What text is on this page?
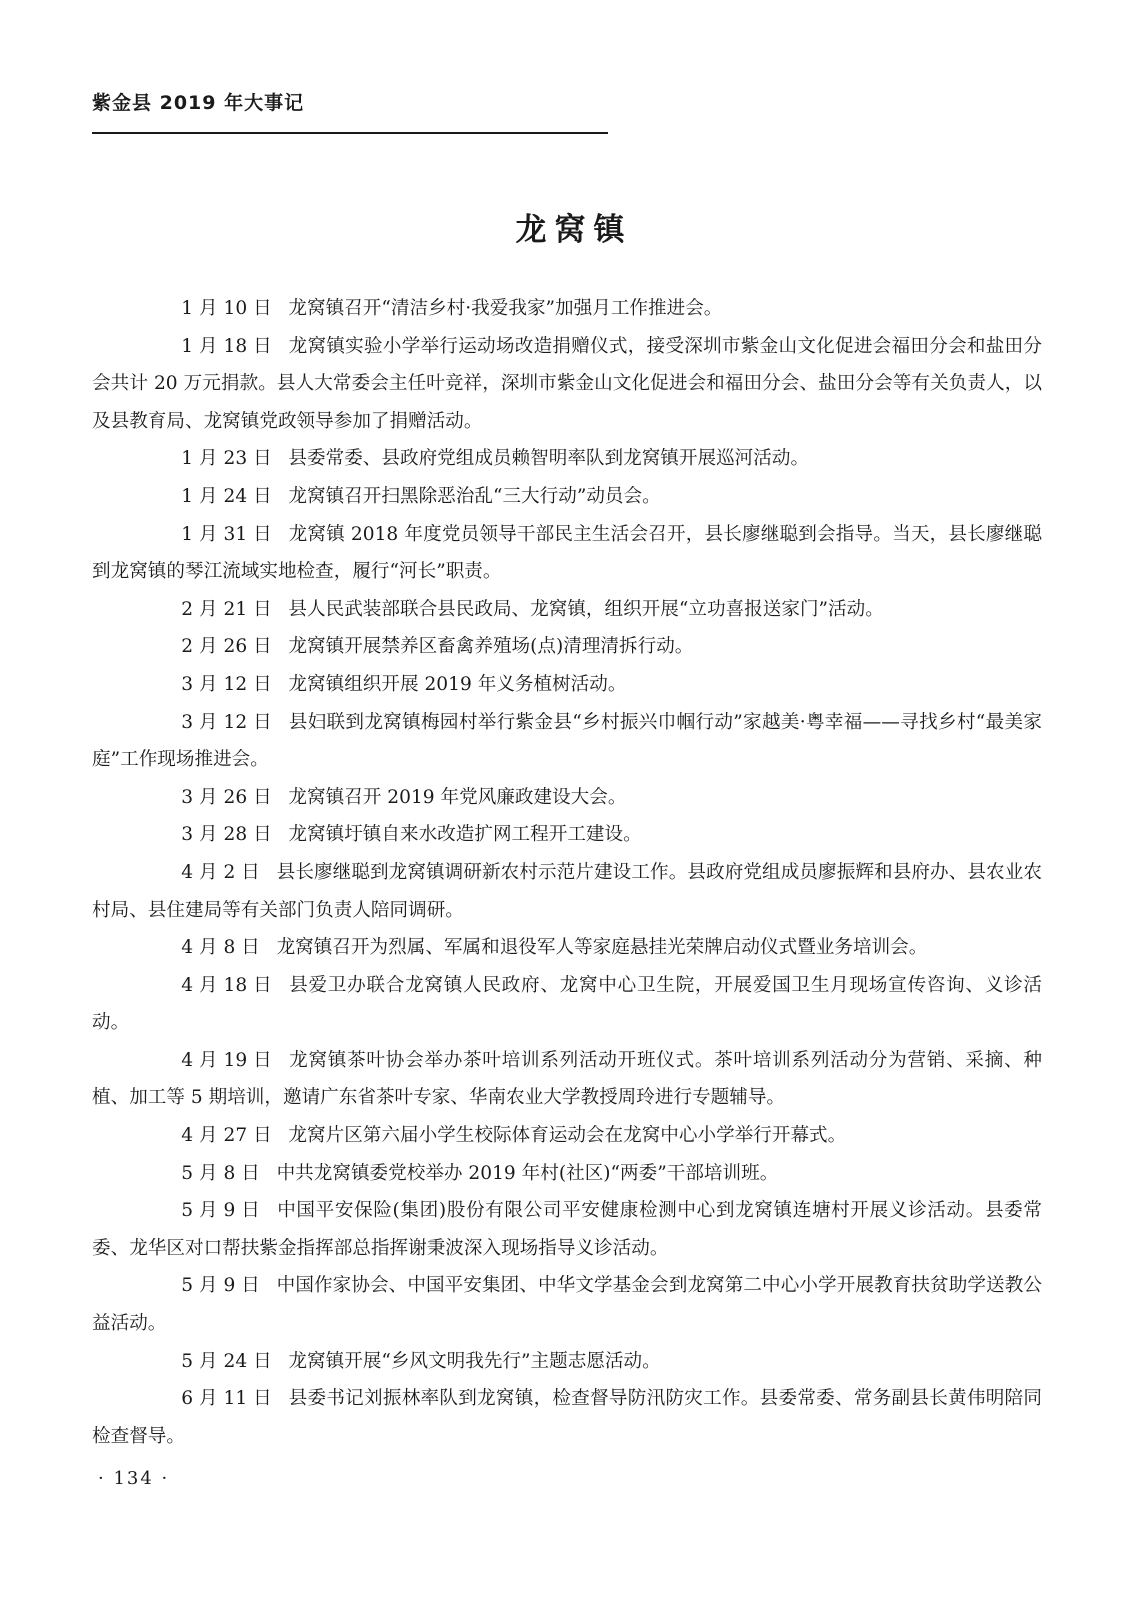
紫金县 2019 年大事记
龙窝镇

1 月 10 日 龙窝镇召开“清洁乡村·我爱我家”加强月工作推进会。

1 月 18 日 龙窝镇实验小学举行运动场改造捐赠仪式，接受深圳市紫金山文化促进会福田分会和盐田分会共计 20 万元捐款。县人大常委会主任叶竞祥，深圳市紫金山文化促进会和福田分会、盐田分会等有关负责人，以及县教育局、龙窝镇党政领导参加了捐赠活动。

1 月 23 日 县委常委、县政府党组成员赖智明率队到龙窝镇开展巡河活动。

1 月 24 日 龙窝镇召开扫黑除恶治乱“三大行动”动员会。

1 月 31 日 龙窝镇 2018 年度党员领导干部民主生活会召开，县长廖继聪到会指导。当天，县长廖继聪到龙窝镇的琴江流域实地检查，履行“河长”职责。

2 月 21 日 县人民武装部联合县民政局、龙窝镇，组织开展“立功喜报送家门”活动。

2 月 26 日 龙窝镇开展禁养区畜禽养殖场(点)清理清拆行动。

3 月 12 日 龙窝镇组织开展 2019 年义务植树活动。

3 月 12 日 县妇联到龙窝镇梅园村举行紫金县“乡村振兴巾帼行动”家越美·粤幸福——寻找乡村“最美家庭”工作现场推进会。

3 月 26 日 龙窝镇召开 2019 年党风廉政建设大会。

3 月 28 日 龙窝镇圩镇自来水改造扩网工程开工建设。

4 月 2 日 县长廖继聪到龙窝镇调研新农村示范片建设工作。县政府党组成员廖振辉和县府办、县农业农村局、县住建局等有关部门负责人陪同调研。

4 月 8 日 龙窝镇召开为烈属、军属和退役军人等家庭悬挂光荣牌启动仪式暨业务培训会。

4 月 18 日 县爱卫办联合龙窝镇人民政府、龙窝中心卫生院，开展爱国卫生月现场宣传咨询、义诊活动。

4 月 19 日 龙窝镇茶叶协会举办茶叶培训系列活动开班仪式。茶叶培训系列活动分为营销、采摘、种植、加工等 5 期培训，邀请广东省茶叶专家、华南农业大学教授周玲进行专题辅导。

4 月 27 日 龙窝片区第六届小学生校际体育运动会在龙窝中心小学举行开幕式。

5 月 8 日 中共龙窝镇委党校举办 2019 年村(社区)“两委”干部培训班。

5 月 9 日 中国平安保险(集团)股份有限公司平安健康检测中心到龙窝镇连塘村开展义诊活动。县委常委、龙华区对口帮扶紫金指挥部总指挥谢秉波深入现场指导义诊活动。

5 月 9 日 中国作家协会、中国平安集团、中华文学基金会到龙窝第二中心小学开展教育扶贫助学送教公益活动。

5 月 24 日 龙窝镇开展“乡风文明我先行”主题志愿活动。

6 月 11 日 县委书记刘振林率队到龙窝镇，检查督导防汛防灾工作。县委常委、常务副县长黄伟明陪同检查督导。

· 134 ·
